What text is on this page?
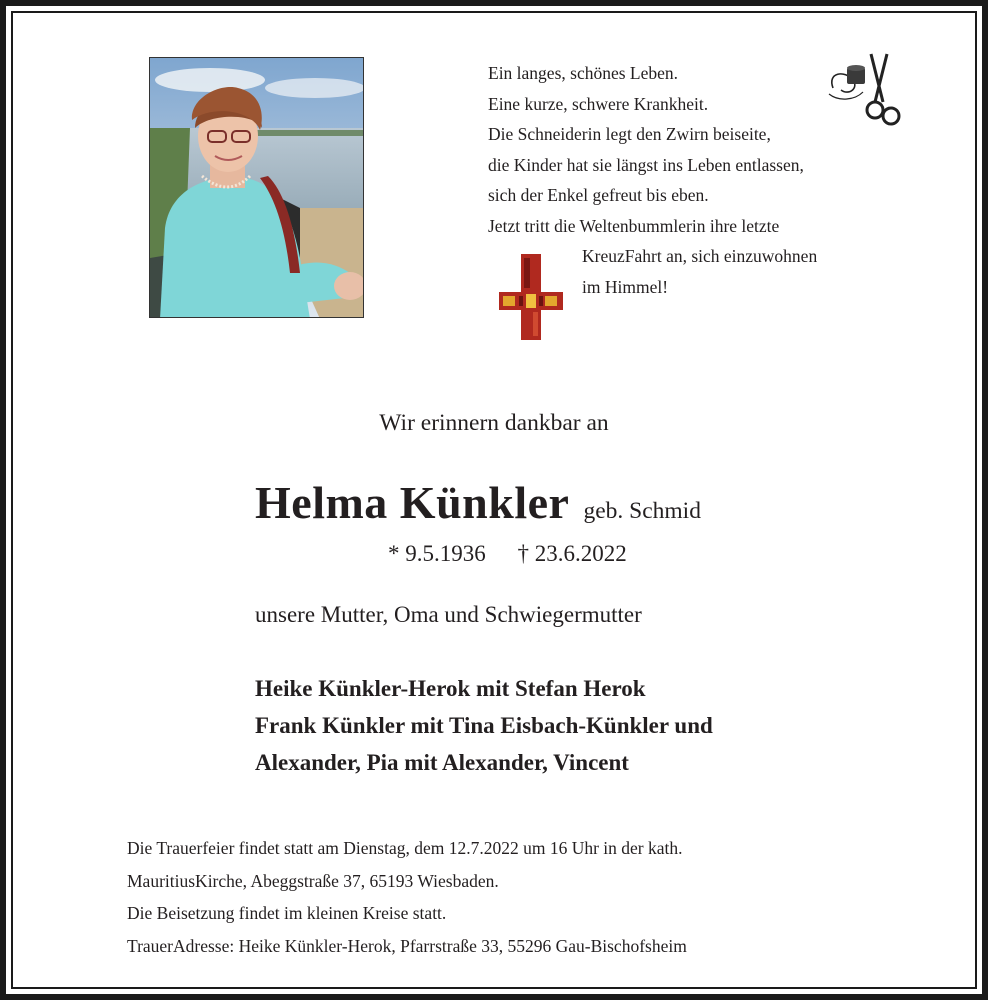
Ein langes, schönes Leben.
Eine kurze, schwere Krankheit.
Die Schneiderin legt den Zwirn beiseite,
die Kinder hat sie längst ins Leben entlassen,
sich der Enkel gefreut bis eben.
Jetzt tritt die Weltenbummlerin ihre letzte
KreuzFahrt an, sich einzuwohnen
im Himmel!
Wir erinnern dankbar an
Helma Künkler geb. Schmid
* 9.5.1936 † 23.6.2022
unsere Mutter, Oma und Schwiegermutter
Heike Künkler-Herok mit Stefan Herok
Frank Künkler mit Tina Eisbach-Künkler und
Alexander, Pia mit Alexander, Vincent
Die Trauerfeier findet statt am Dienstag, dem 12.7.2022 um 16 Uhr in der kath.
MauritiusKirche, Abeggstraße 37, 65193 Wiesbaden.
Die Beisetzung findet im kleinen Kreise statt.
TrauerAdresse: Heike Künkler-Herok, Pfarrstraße 33, 55296 Gau-Bischofsheim
